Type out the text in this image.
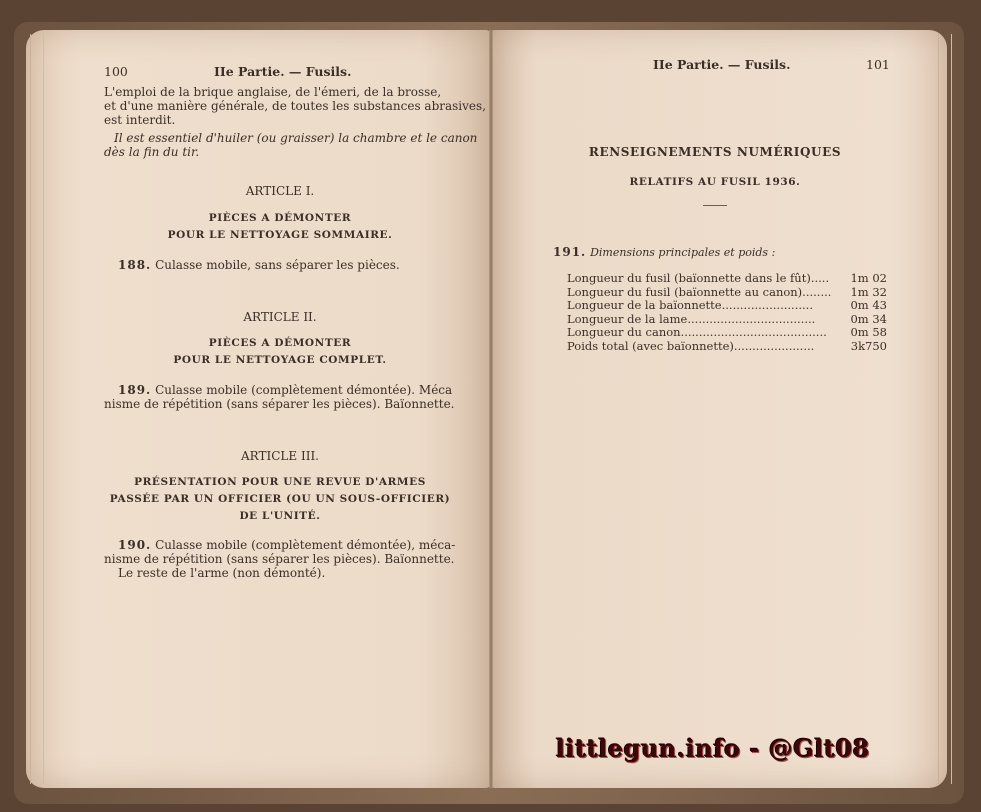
100	IIe Partie. — Fusils.
L'emploi de la brique anglaise, de l'émeri, de la brosse,
et d'une manière générale, de toutes les substances abrasives,
est interdit.
Il est essentiel d'huiler (ou graisser) la chambre et le canon
dès la fin du tir.
ARTICLE I.
PIÈCES A DÉMONTER
POUR LE NETTOYAGE SOMMAIRE.
188. Culasse mobile, sans séparer les pièces.
ARTICLE II.
PIÈCES A DÉMONTER
POUR LE NETTOYAGE COMPLET.
189. Culasse mobile (complètement démontée). Méca
nisme de répétition (sans séparer les pièces). Baïonnette.
ARTICLE III.
PRÉSENTATION POUR UNE REVUE D'ARMES
PASSÉE PAR UN OFFICIER (OU UN SOUS-OFFICIER)
DE L'UNITÉ.
190. Culasse mobile (complètement démontée), méca-
nisme de répétition (sans séparer les pièces). Baïonnette.
Le reste de l'arme (non démonté).
IIe Partie. — Fusils.	101
RENSEIGNEMENTS NUMÉRIQUES
RELATIFS AU FUSIL 1936.
191. Dimensions principales et poids :
Longueur du fusil (baïonnette dans le fût)..... 1m 02
Longueur du fusil (baïonnette au canon)........ 1m 32
Longueur de la baïonnette.........................	0m 43
Longueur de la lame...................................	0m 34
Longueur du canon........................................ 0m 58
Poids total (avec baïonnette)......................	3k750
littlegun.info - @Glt08
